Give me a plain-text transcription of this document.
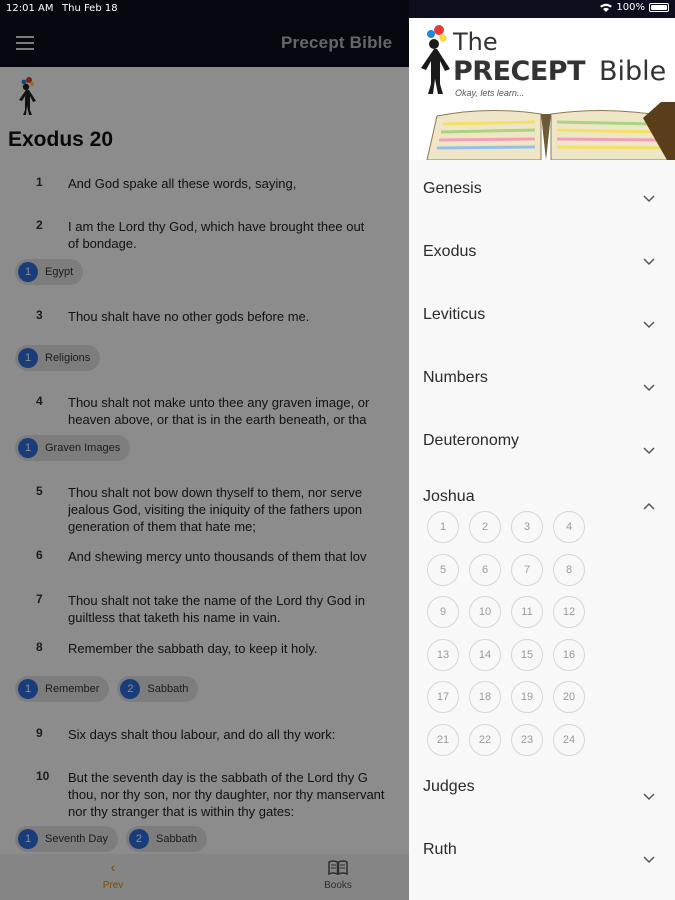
Precept Bible
Exodus 20
1 And God spake all these words, saying,
2 I am the Lord thy God, which have brought thee out
of bondage.
3 Thou shalt have no other gods before me.
4 Thou shalt not make unto thee any graven image, or
heaven above, or that is in the earth beneath, or tha
5 Thou shalt not bow down thyself to them, nor serve
jealous God, visiting the iniquity of the fathers upon
generation of them that hate me;
6 And shewing mercy unto thousands of them that lov
7 Thou shalt not take the name of the Lord thy God in
guiltless that taketh his name in vain.
8 Remember the sabbath day, to keep it holy.
9 Six days shalt thou labour, and do all thy work:
10 But the seventh day is the sabbath of the Lord thy G
thou, nor thy son, nor thy daughter, nor thy manservant
nor thy stranger that is within thy gates:
1	Egypt
1	Religions
1	Graven Images
1	Remember	2	Sabbath
1	Seventh Day	2	Sabbath
‹
Prev	Books
12:01 AM Thu Feb 18	100%
The
PRECEPT Bible
Okay, lets learn...
Genesis
Exodus
Leviticus
Numbers
Deuteronomy
Joshua
Judges
Ruth
1	2	3	4
5	6	7	8
9	10	11	12
13	14	15	16
17	18	19	20
21	22	23	24
